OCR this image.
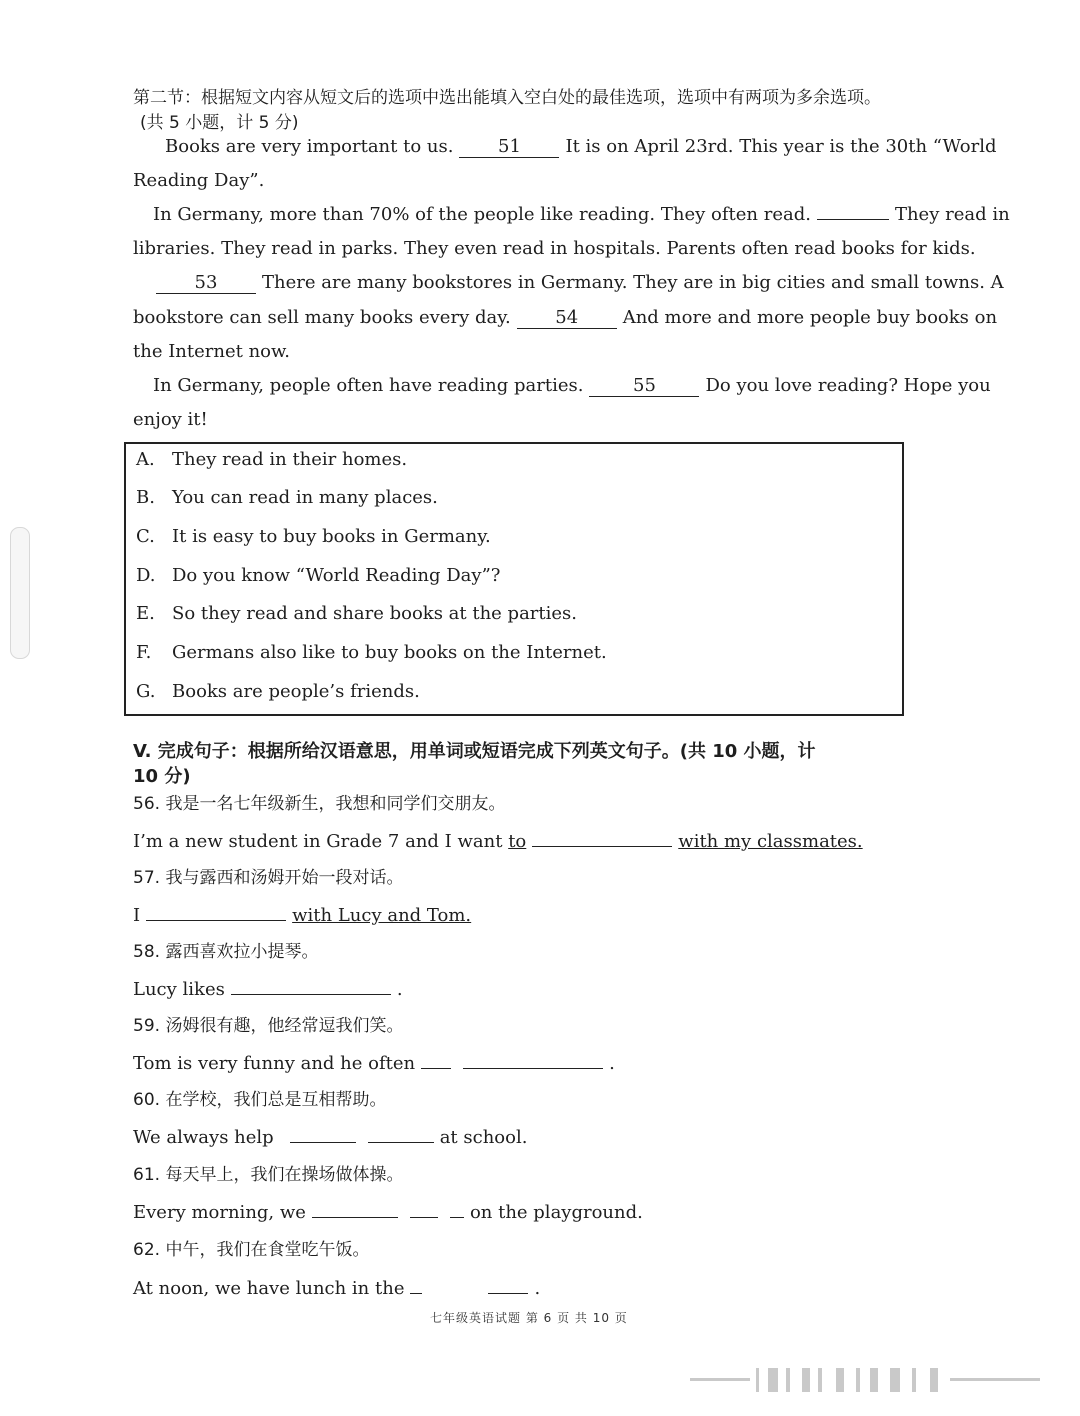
第二节：根据短文内容从短文后的选项中选出能填入空白处的最佳选项，选项中有两项为多余选项。
(共 5 小题，计 5 分)
Books are very important to us. 51 It is on April 23rd. This year is the 30th “World
Reading Day”.
In Germany, more than 70% of the people like reading. They often read.	They read in
libraries. They read in parks. They even read in hospitals. Parents often read books for kids.
53 There are many bookstores in Germany. They are in big cities and small towns. A
bookstore can sell many books every day. 54 And more and more people buy books on
the Internet now.
In Germany, people often have reading parties.	55	Do you love reading? Hope you
enjoy it!
A. They read in their homes.
B. You can read in many places.
C. It is easy to buy books in Germany.
D. Do you know “World Reading Day”?
E. So they read and share books at the parties.
F. Germans also like to buy books on the Internet.
G. Books are people’s friends.
V. 完成句子：根据所给汉语意思，用单词或短语完成下列英文句子。(共 10 小题，计
10 分)
56. 我是一名七年级新生，我想和同学们交朋友。
I’m a new student in Grade 7 and I want to	with my classmates.
57. 我与露西和汤姆开始一段对话。
I	with Lucy and Tom.
58. 露西喜欢拉小提琴。
Lucy likes	.
59. 汤姆很有趣，他经常逗我们笑。
Tom is very funny and he often	.
60. 在学校，我们总是互相帮助。
We always help	at school.
61. 每天早上，我们在操场做体操。
Every morning, we	on the playground.
62. 中午，我们在食堂吃午饭。
At noon, we have lunch in the	.
七年级英语试题 第 6 页 共 10 页
